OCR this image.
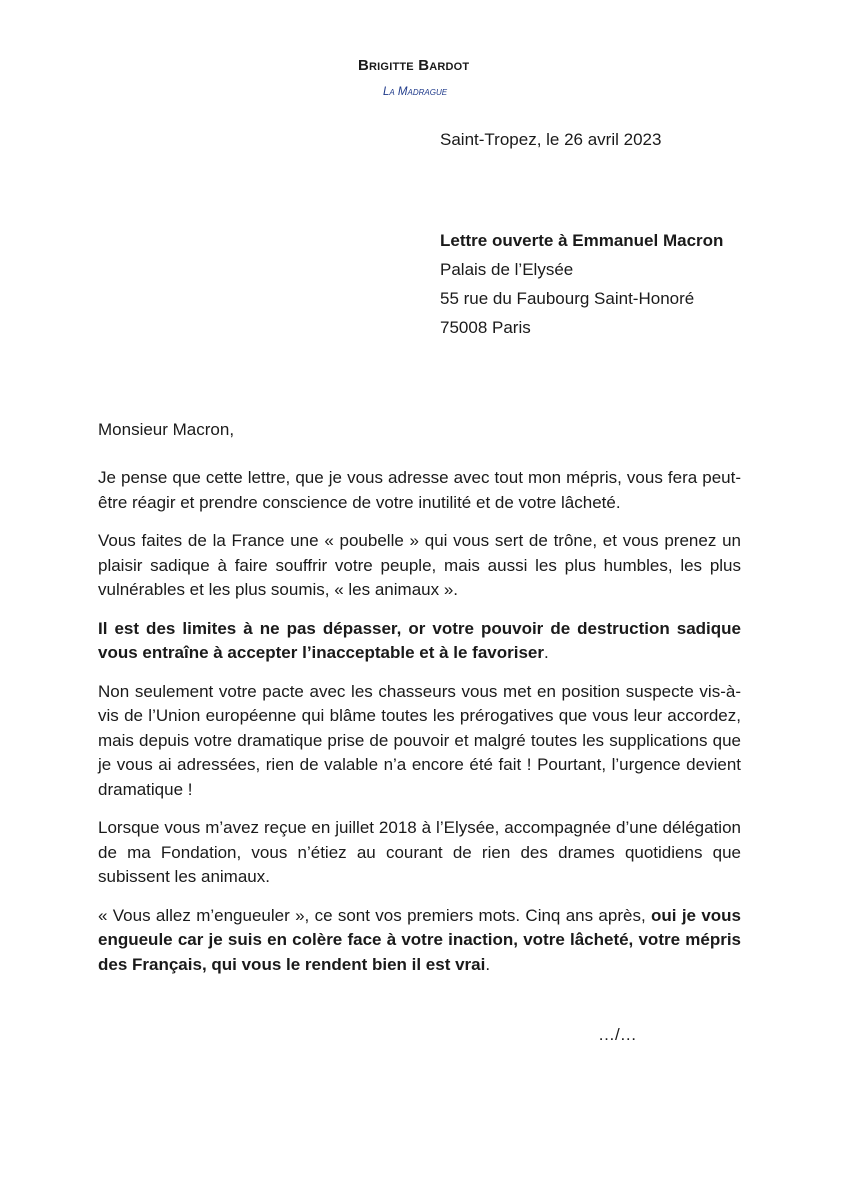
Brigitte Bardot
La Madrague
Saint-Tropez, le 26 avril 2023
Lettre ouverte à Emmanuel Macron
Palais de l’Elysée
55 rue du Faubourg Saint-Honoré
75008 Paris
Monsieur Macron,

Je pense que cette lettre, que je vous adresse avec tout mon mépris, vous fera peut-être réagir et prendre conscience de votre inutilité et de votre lâcheté.

Vous faites de la France une « poubelle » qui vous sert de trône, et vous prenez un plaisir sadique à faire souffrir votre peuple, mais aussi les plus humbles, les plus vulnérables et les plus soumis, « les animaux ».

Il est des limites à ne pas dépasser, or votre pouvoir de destruction sadique vous entraîne à accepter l’inacceptable et à le favoriser.

Non seulement votre pacte avec les chasseurs vous met en position suspecte vis-à-vis de l’Union européenne qui blâme toutes les prérogatives que vous leur accordez, mais depuis votre dramatique prise de pouvoir et malgré toutes les supplications que je vous ai adressées, rien de valable n’a encore été fait ! Pourtant, l’urgence devient dramatique !

Lorsque vous m’avez reçue en juillet 2018 à l’Elysée, accompagnée d’une délégation de ma Fondation, vous n’étiez au courant de rien des drames quotidiens que subissent les animaux.

« Vous allez m’engueuler », ce sont vos premiers mots. Cinq ans après, oui je vous engueule car je suis en colère face à votre inaction, votre lâcheté, votre mépris des Français, qui vous le rendent bien il est vrai.

…/…
